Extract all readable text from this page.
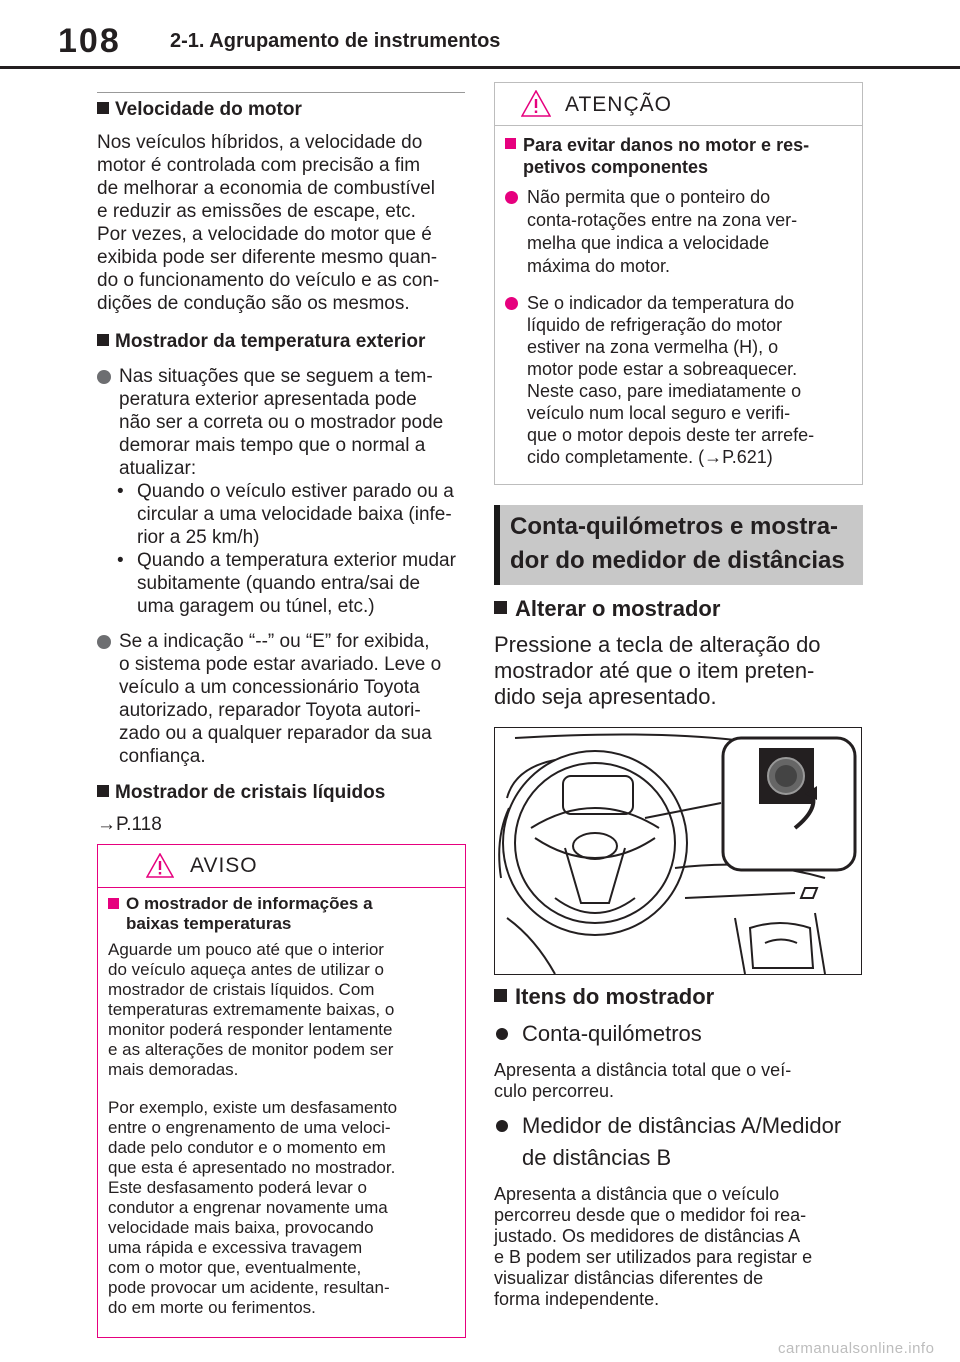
108 2-1. Agrupamento de instrumentos
Velocidade do motor

Nos veículos híbridos, a velocidade do

motor é controlada com precisão a fim

de melhorar a economia de combustível

e reduzir as emissões de escape, etc.

Por vezes, a velocidade do motor que é

exibida pode ser diferente mesmo quan-

do o funcionamento do veículo e as con-

dições de condução são os mesmos.

Mostrador da temperatura exterior

Nas situações que se seguem a tem-

peratura exterior apresentada pode

não ser a correta ou o mostrador pode

demorar mais tempo que o normal a

atualizar:

• Quando o veículo estiver parado ou a

circular a uma velocidade baixa (infe-

rior a 25 km/h)

• Quando a temperatura exterior mudar

subitamente (quando entra/sai de

uma garagem ou túnel, etc.)

Se a indicação “--” ou “E” for exibida,

o sistema pode estar avariado. Leve o

veículo a um concessionário Toyota

autorizado, reparador Toyota autori-

zado ou a qualquer reparador da sua

confiança.

Mostrador de cristais líquidos
→P.118
AVISO

O mostrador de informações a

baixas temperaturas

Aguarde um pouco até que o interior

do veículo aqueça antes de utilizar o

mostrador de cristais líquidos. Com

temperaturas extremamente baixas, o

monitor poderá responder lentamente

e as alterações de monitor podem ser

mais demoradas.

Por exemplo, existe um desfasamento

entre o engrenamento de uma veloci-

dade pelo condutor e o momento em

que esta é apresentado no mostrador.

Este desfasamento poderá levar o

condutor a engrenar novamente uma

velocidade mais baixa, provocando

uma rápida e excessiva travagem

com o motor que, eventualmente,

pode provocar um acidente, resultan-

do em morte ou ferimentos.

ATENÇÃO

Para evitar danos no motor e res-

petivos componentes

Não permita que o ponteiro do

conta-rotações entre na zona ver-

melha que indica a velocidade

máxima do motor.

Se o indicador da temperatura do

líquido de refrigeração do motor

estiver na zona vermelha (H), o

motor pode estar a sobreaquecer.

Neste caso, pare imediatamente o

veículo num local seguro e verifi-

que o motor depois deste ter arrefe-

cido completamente. (→P.621)

Conta-quilómetros e mostra-
dor do medidor de distâncias
Alterar o mostrador

Pressione a tecla de alteração do

mostrador até que o item preten-

dido seja apresentado.

Itens do mostrador
Conta-quilómetros

Apresenta a distância total que o veí-

culo percorreu.

Medidor de distâncias A/Medidor

de distâncias B

Apresenta a distância que o veículo

percorreu desde que o medidor foi rea-

justado. Os medidores de distâncias A

e B podem ser utilizados para registar e

visualizar distâncias diferentes de

forma independente.

carmanualsonline.info
